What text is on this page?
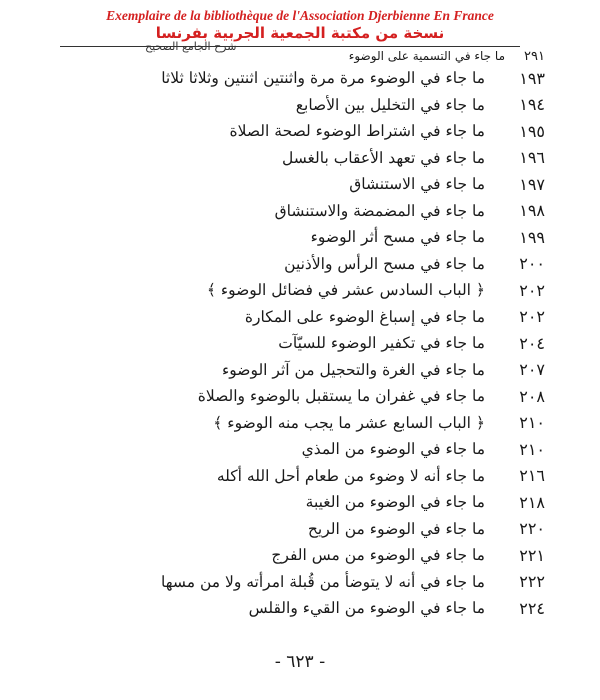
Exemplaire de la bibliothèque de l'Association Djerbienne En France
نسخة من مكتبة الجمعية الجربية بفرنسا
شرح الجامع الصحيح
٢٩١
ما جاء في التسمية على الوضوء
١٩٣
ما جاء في الوضوء مرة مرة واثنتين اثنتين وثلاثا ثلاثا
١٩٤
ما جاء في التخليل بين الأصابع
١٩٥
ما جاء في اشتراط الوضوء لصحة الصلاة
١٩٦
ما جاء في تعهد الأعقاب بالغسل
١٩٧
ما جاء في الاستنشاق
١٩٨
ما جاء في المضمضة والاستنشاق
١٩٩
ما جاء في مسح أثر الوضوء
٢٠٠
ما جاء في مسح الرأس والأذنين
٢٠٢
﴿ الباب السادس عشر في فضائل الوضوء ﴾
٢٠٢
ما جاء في إسباغ الوضوء على المكارة
٢٠٤
ما جاء في تكفير الوضوء للسيّآت
٢٠٧
ما جاء في الغرة والتحجيل من آثر الوضوء
٢٠٨
ما جاء في غفران ما يستقبل بالوضوء والصلاة
٢١٠
﴿ الباب السابع عشر ما يجب منه الوضوء ﴾
٢١٠
ما جاء في الوضوء من المذي
٢١٦
ما جاء أنه لا وضوء من طعام أحل الله أكله
٢١٨
ما جاء في الوضوء من الغيبة
٢٢٠
ما جاء في الوضوء من الريح
٢٢١
ما جاء في الوضوء من مس الفرج
٢٢٢
ما جاء في أنه لا يتوضأ من قُبلة امرأته ولا من مسها
٢٢٤
ما جاء في الوضوء من القيء والقلس
- ٦٢٣ -
